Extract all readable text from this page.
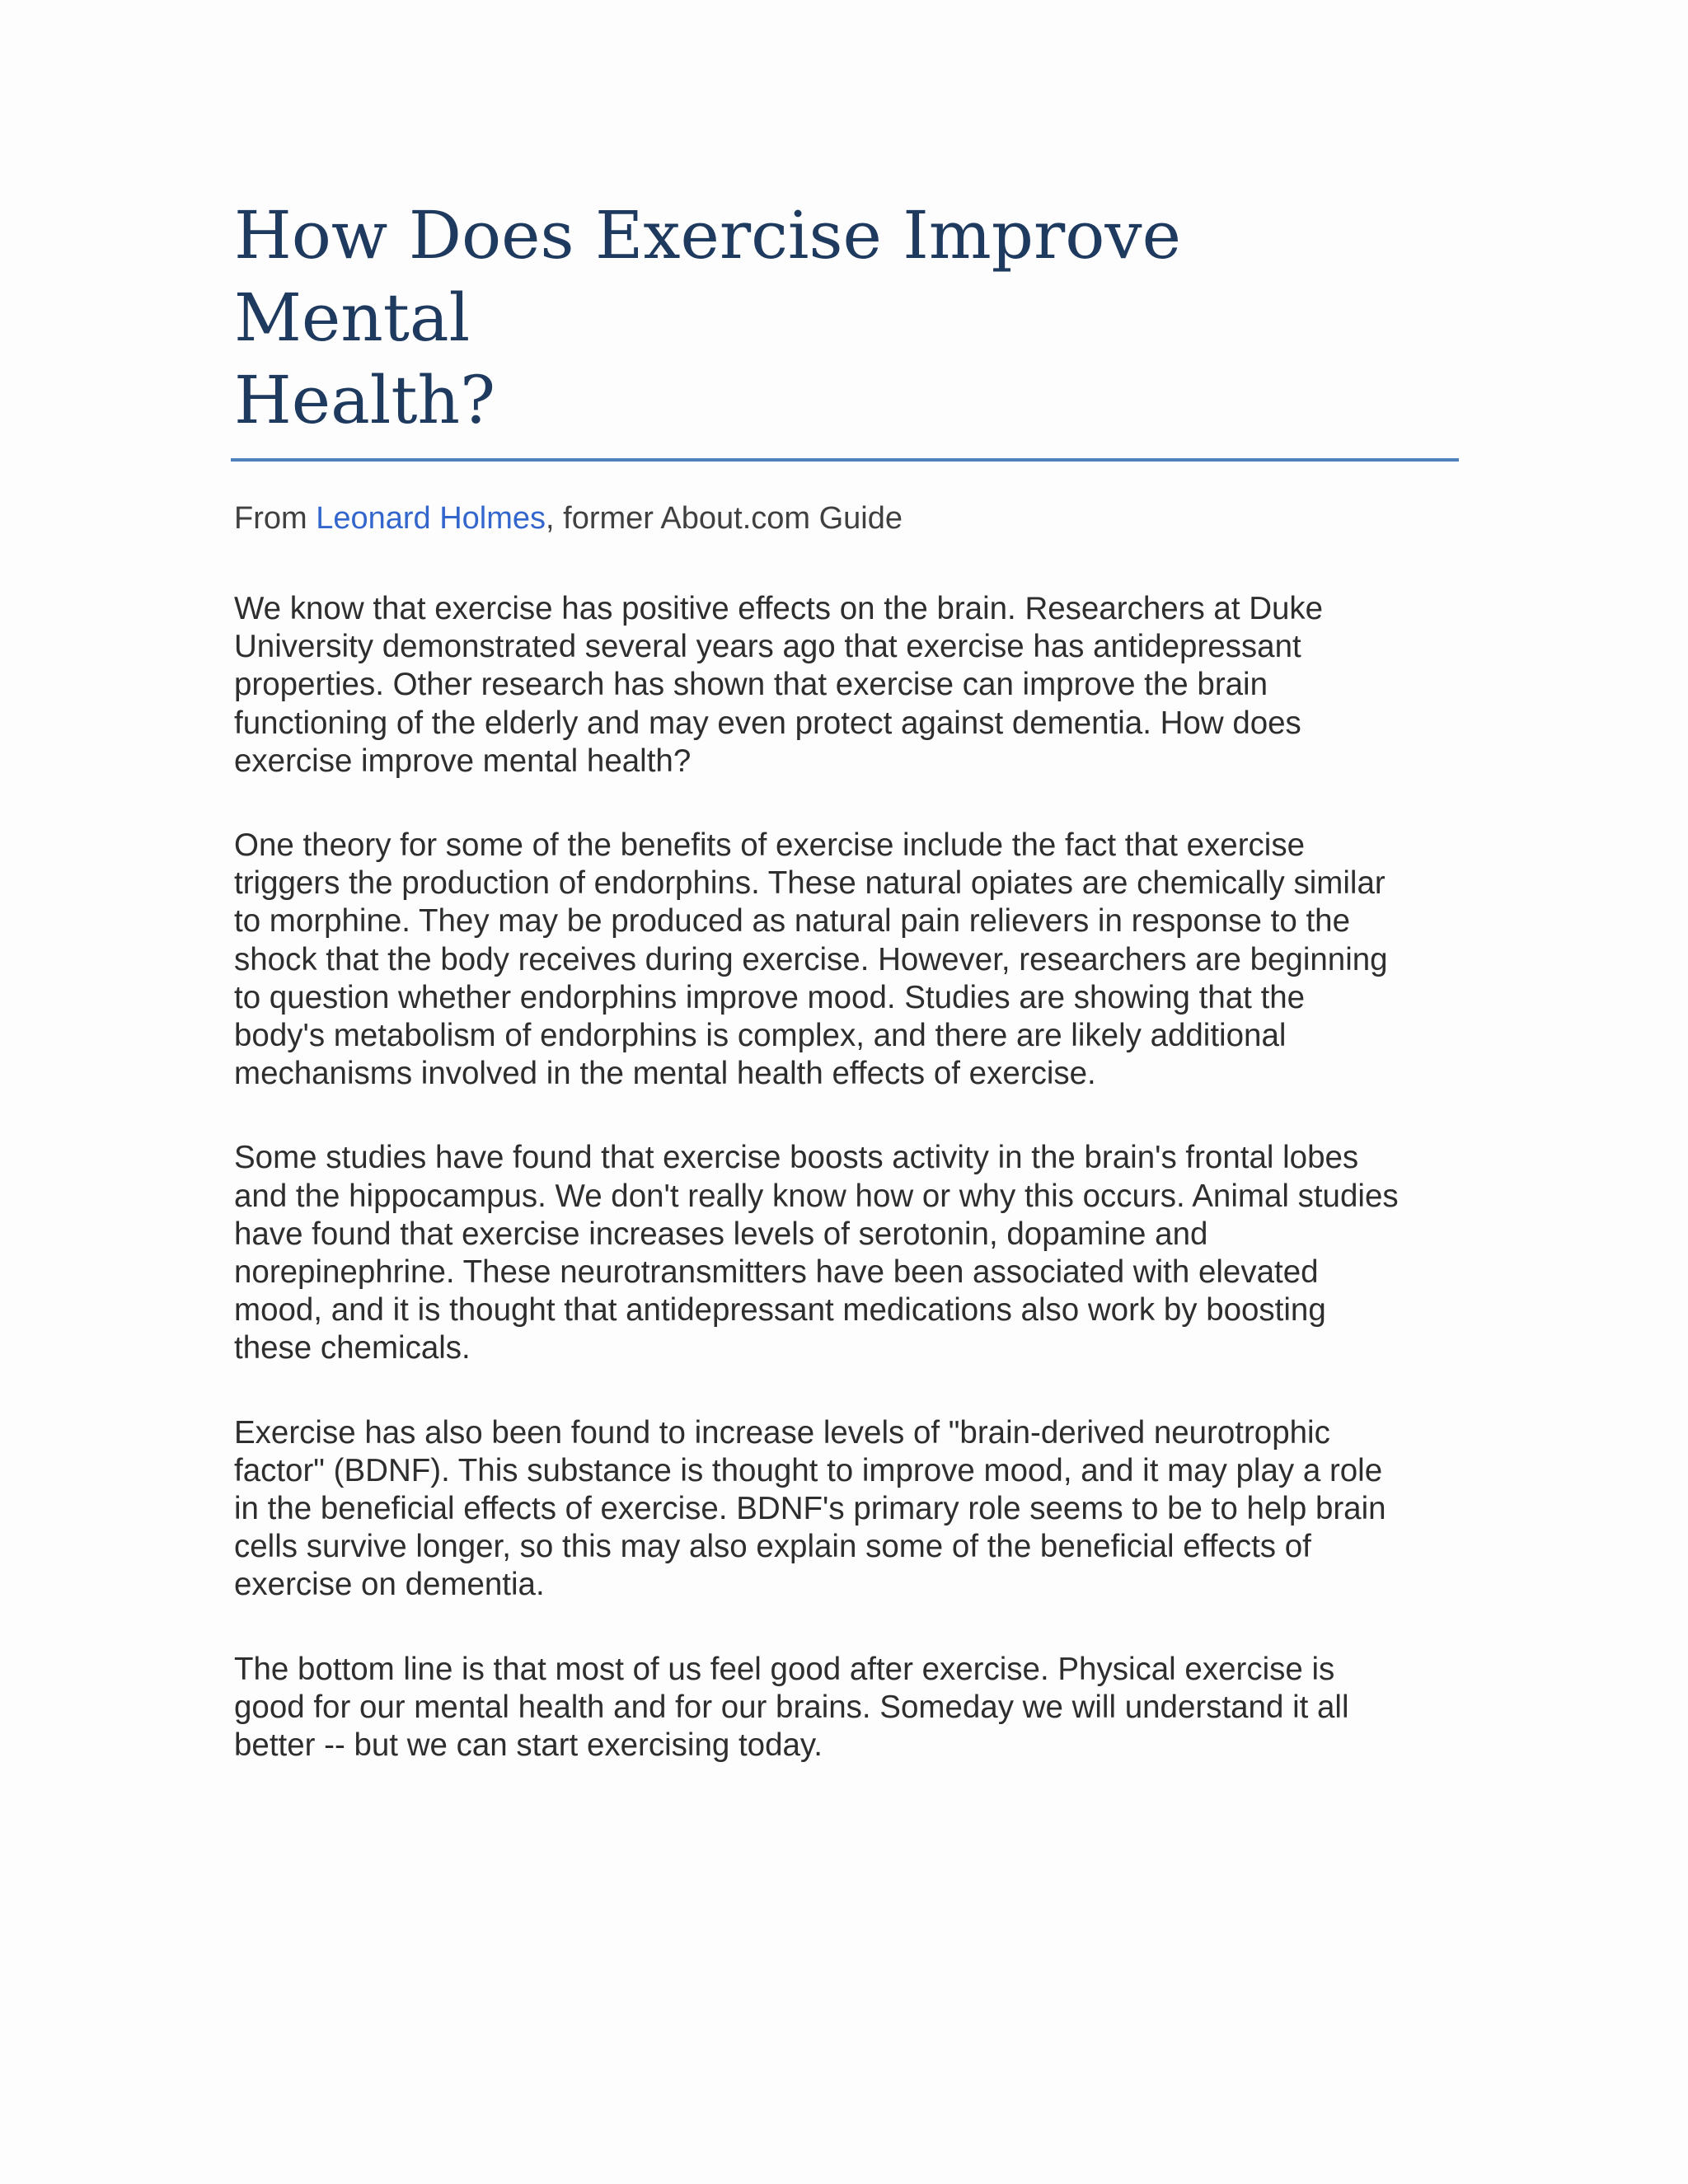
How Does Exercise Improve Mental
Health?
From Leonard Holmes, former About.com Guide

We know that exercise has positive effects on the brain. Researchers at Duke
University demonstrated several years ago that exercise has antidepressant
properties. Other research has shown that exercise can improve the brain
functioning of the elderly and may even protect against dementia. How does
exercise improve mental health?

One theory for some of the benefits of exercise include the fact that exercise
triggers the production of endorphins. These natural opiates are chemically similar
to morphine. They may be produced as natural pain relievers in response to the
shock that the body receives during exercise. However, researchers are beginning
to question whether endorphins improve mood. Studies are showing that the
body's metabolism of endorphins is complex, and there are likely additional
mechanisms involved in the mental health effects of exercise.

Some studies have found that exercise boosts activity in the brain's frontal lobes
and the hippocampus. We don't really know how or why this occurs. Animal studies
have found that exercise increases levels of serotonin, dopamine and
norepinephrine. These neurotransmitters have been associated with elevated
mood, and it is thought that antidepressant medications also work by boosting
these chemicals.

Exercise has also been found to increase levels of "brain-derived neurotrophic
factor" (BDNF). This substance is thought to improve mood, and it may play a role
in the beneficial effects of exercise. BDNF's primary role seems to be to help brain
cells survive longer, so this may also explain some of the beneficial effects of
exercise on dementia.

The bottom line is that most of us feel good after exercise. Physical exercise is
good for our mental health and for our brains. Someday we will understand it all
better -- but we can start exercising today.
